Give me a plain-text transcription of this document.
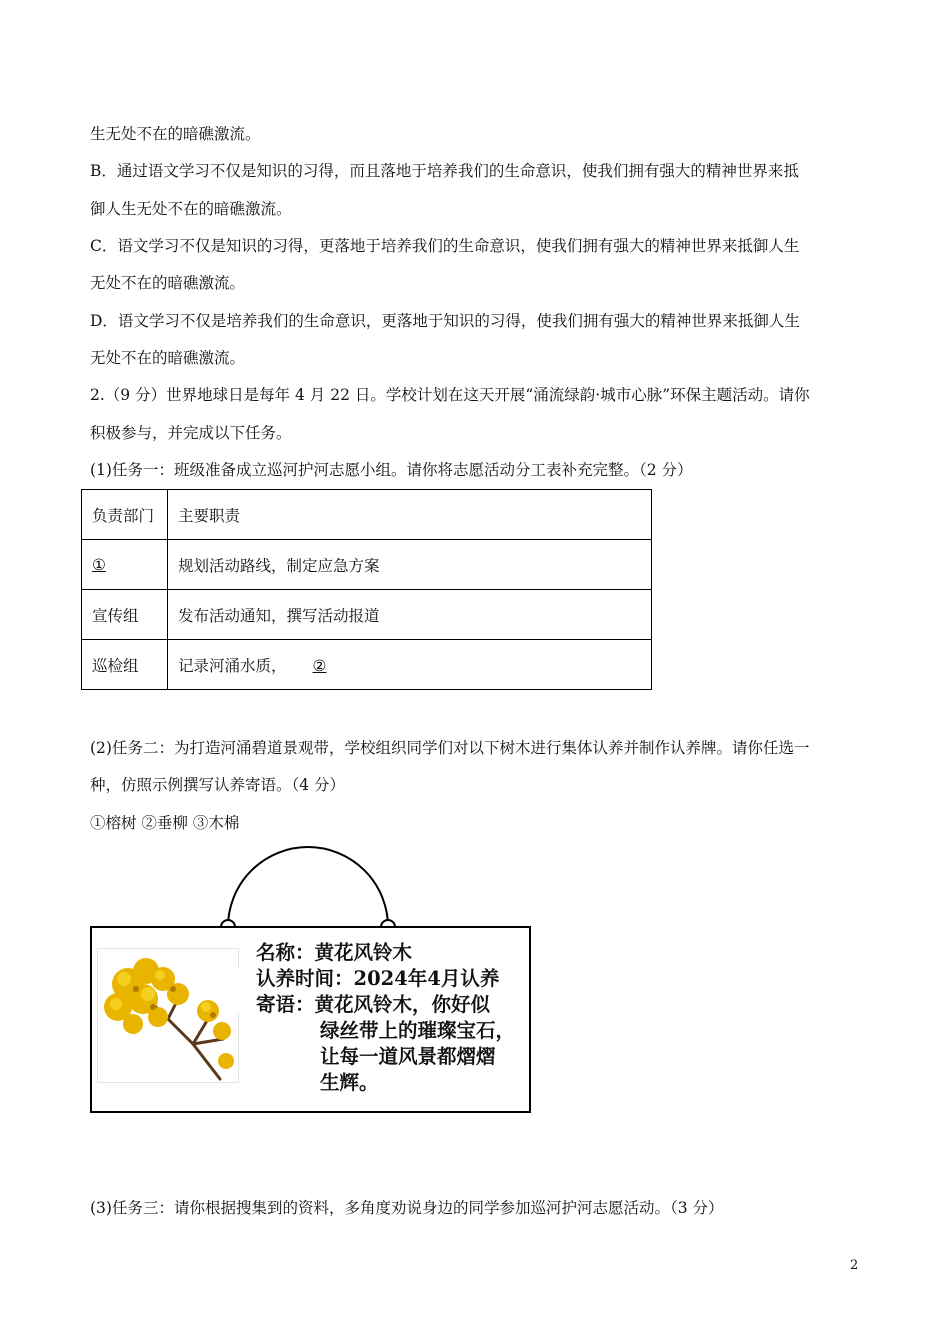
生无处不在的暗礁激流。
B．通过语文学习不仅是知识的习得，而且落地于培养我们的生命意识，使我们拥有强大的精神世界来抵
御人生无处不在的暗礁激流。
C．语文学习不仅是知识的习得，更落地于培养我们的生命意识，使我们拥有强大的精神世界来抵御人生
无处不在的暗礁激流。
D．语文学习不仅是培养我们的生命意识，更落地于知识的习得，使我们拥有强大的精神世界来抵御人生
无处不在的暗礁激流。
2.（9 分）世界地球日是每年 4 月 22 日。学校计划在这天开展“涌流绿韵·城市心脉”环保主题活动。请你
积极参与，并完成以下任务。
(1)任务一：班级准备成立巡河护河志愿小组。请你将志愿活动分工表补充完整。（2 分）
负责部门	主要职责
①	规划活动路线，制定应急方案
宣传组	发布活动通知，撰写活动报道
巡检组	记录河涌水质， ②
(2)任务二：为打造河涌碧道景观带，学校组织同学们对以下树木进行集体认养并制作认养牌。请你任选一
种，仿照示例撰写认养寄语。（4 分）
①榕树 ②垂柳 ③木棉
名称：黄花风铃木
认养时间：2024年4月认养
寄语：黄花风铃木，你好似
绿丝带上的璀璨宝石，
让每一道风景都熠熠
生辉。
(3)任务三：请你根据搜集到的资料，多角度劝说身边的同学参加巡河护河志愿活动。（3 分）
2
